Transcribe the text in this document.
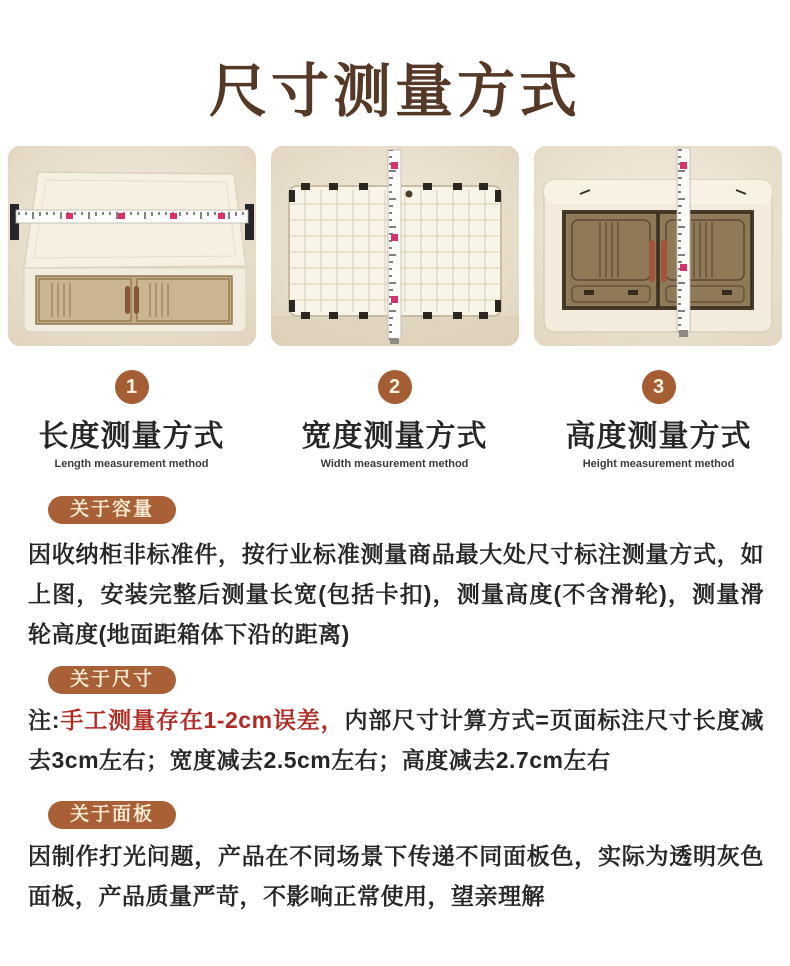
尺寸测量方式
1
长度测量方式
Length measurement method
2
宽度测量方式
Width measurement method
3
高度测量方式
Height measurement method
关于容量

因收纳柜非标准件，按行业标准测量商品最大处尺寸标注测量方式，如上图，安装完整后测量长宽(包括卡扣)，测量高度(不含滑轮)，测量滑轮高度(地面距箱体下沿的距离)

关于尺寸

注:手工测量存在1-2cm误差，内部尺寸计算方式=页面标注尺寸长度减去3cm左右；宽度减去2.5cm左右；高度减去2.7cm左右

关于面板

因制作打光问题，产品在不同场景下传递不同面板色，实际为透明灰色面板，产品质量严苛，不影响正常使用，望亲理解
